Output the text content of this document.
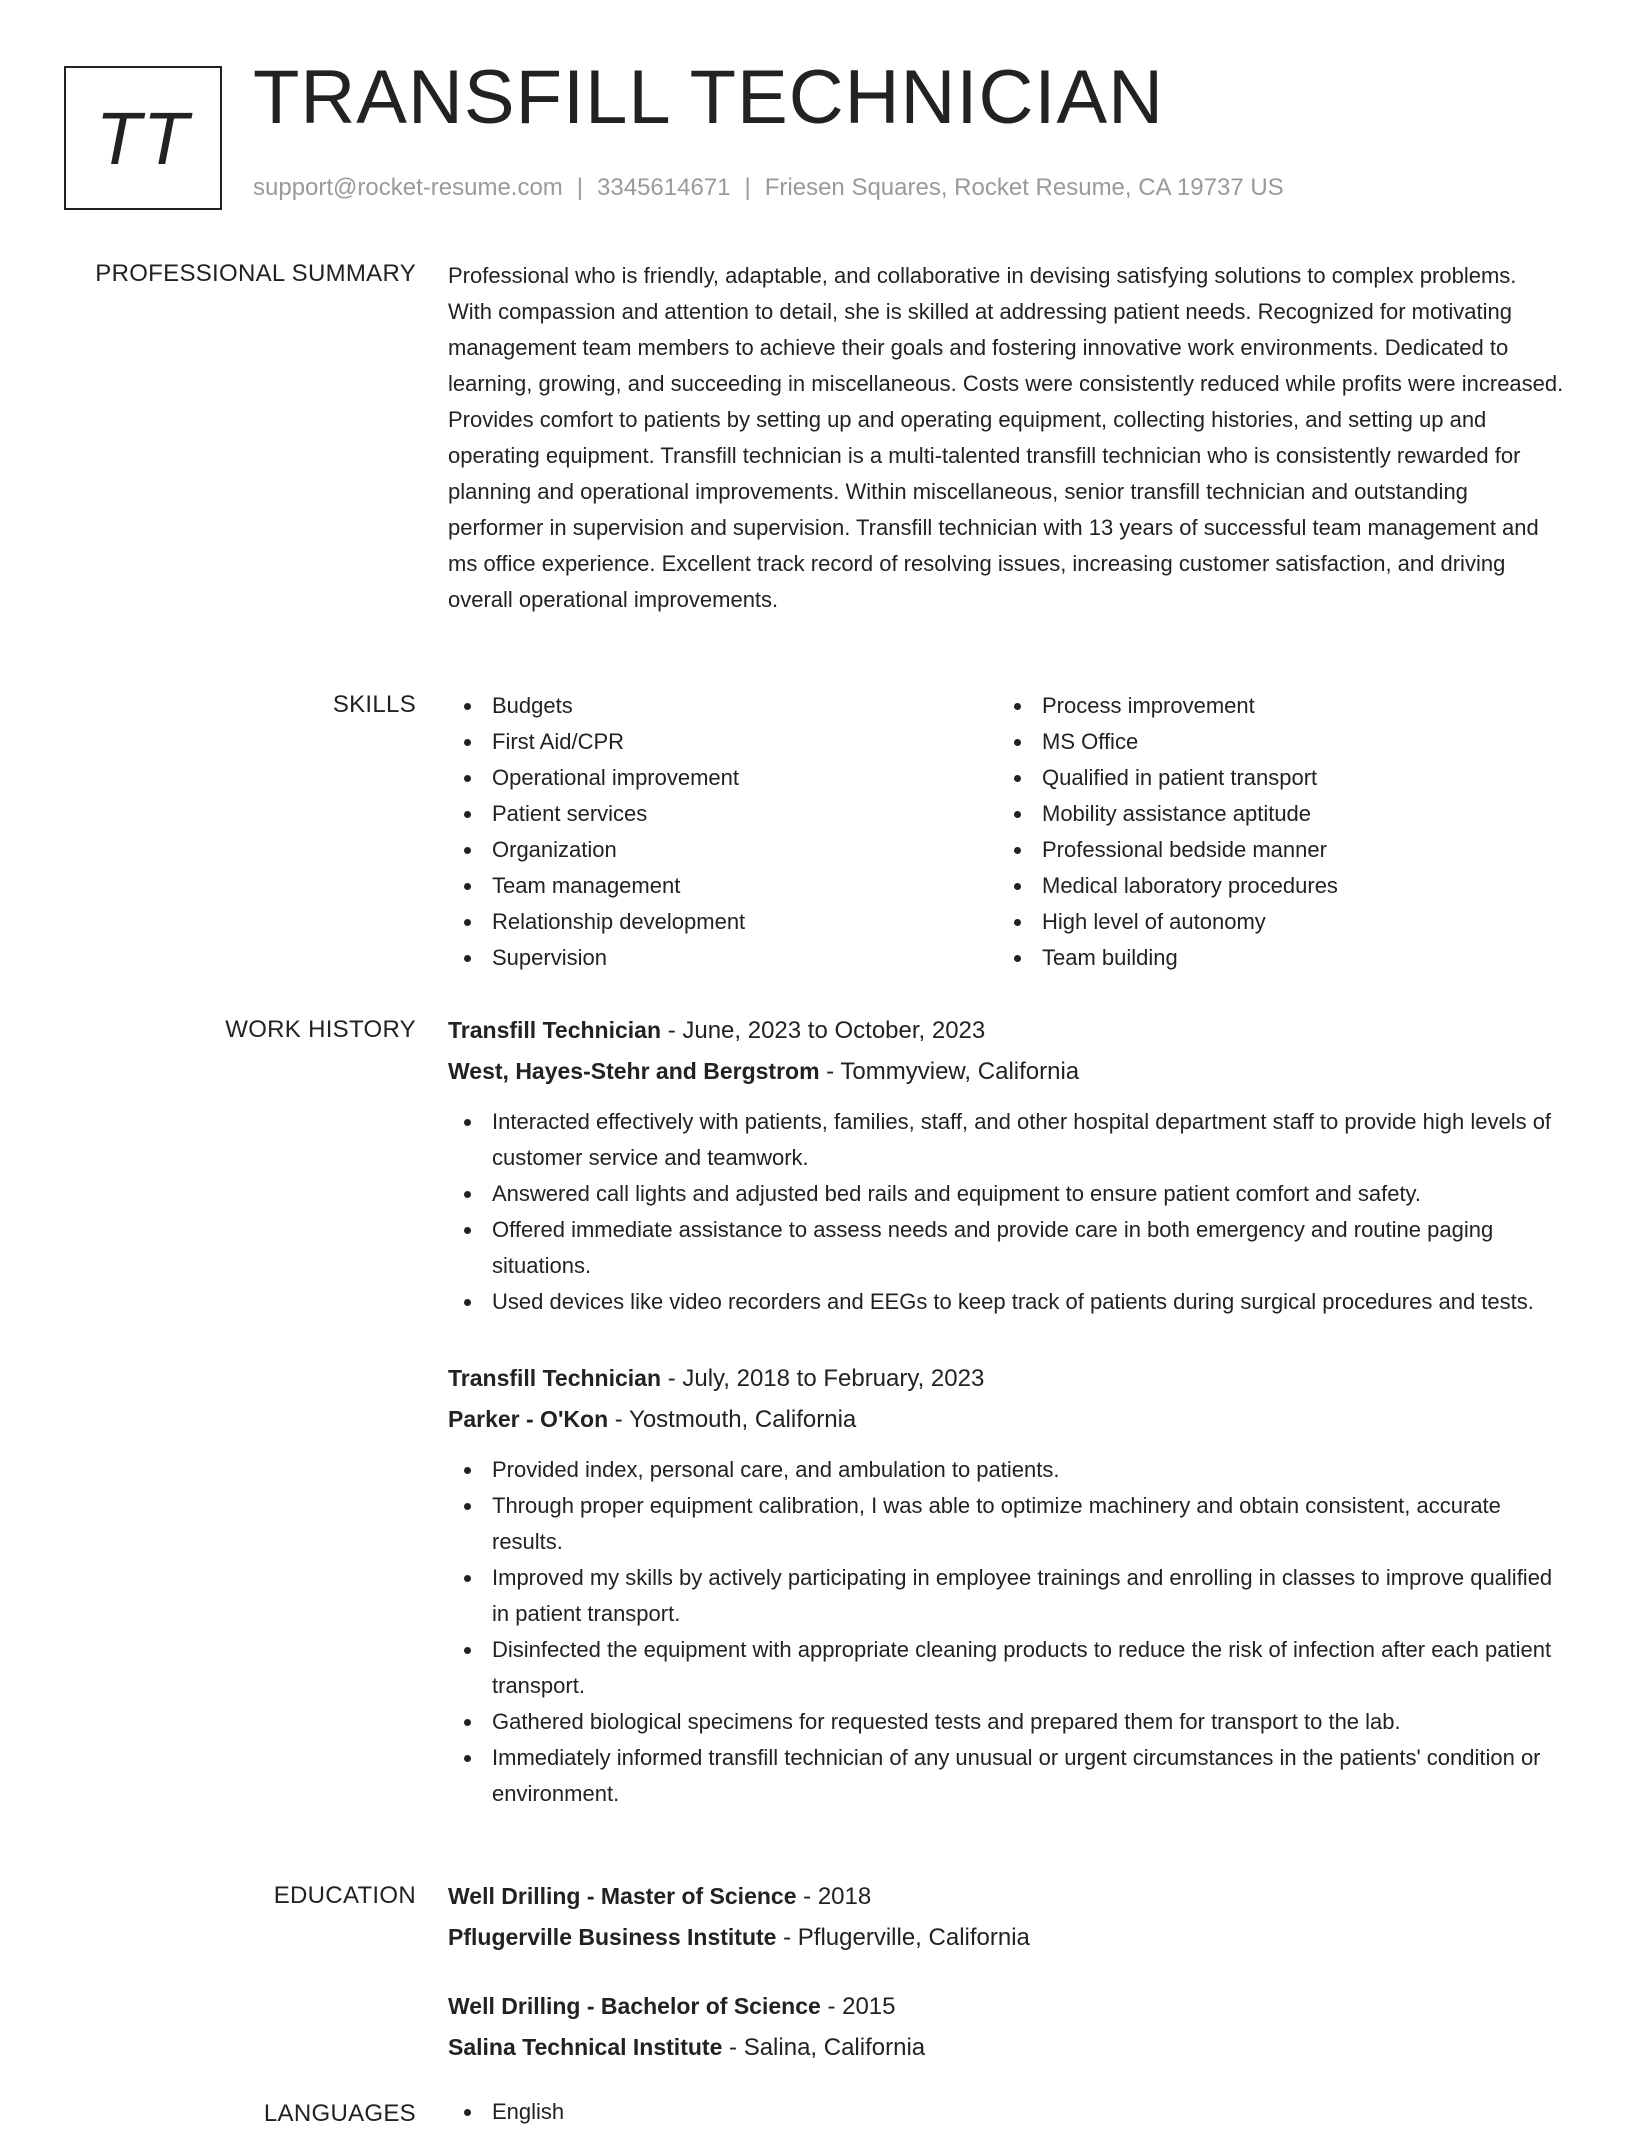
TT TRANSFILL TECHNICIAN
support@rocket-resume.com | 3345614671 | Friesen Squares, Rocket Resume, CA 19737 US
PROFESSIONAL SUMMARY Professional who is friendly, adaptable, and collaborative in devising satisfying solutions to complex problems. With compassion and attention to detail, she is skilled at addressing patient needs. Recognized for motivating management team members to achieve their goals and fostering innovative work environments. Dedicated to learning, growing, and succeeding in miscellaneous. Costs were consistently reduced while profits were increased. Provides comfort to patients by setting up and operating equipment, collecting histories, and setting up and operating equipment. Transfill technician is a multi-talented transfill technician who is consistently rewarded for planning and operational improvements. Within miscellaneous, senior transfill technician and outstanding performer in supervision and supervision. Transfill technician with 13 years of successful team management and ms office experience. Excellent track record of resolving issues, increasing customer satisfaction, and driving overall operational improvements.

SKILLS	Budgets
First Aid/CPR
Operational improvement
Patient services
Organization
Team management
Relationship development
Supervision
Process improvement
MS Office
Qualified in patient transport
Mobility assistance aptitude
Professional bedside manner
Medical laboratory procedures
High level of autonomy
Team building
WORK HISTORY Transfill Technician - June, 2023 to October, 2023
West, Hayes-Stehr and Bergstrom - Tommyview, California
Interacted effectively with patients, families, staff, and other hospital department staff to provide high levels of customer service and teamwork.
Answered call lights and adjusted bed rails and equipment to ensure patient comfort and safety.
Offered immediate assistance to assess needs and provide care in both emergency and routine paging situations.
Used devices like video recorders and EEGs to keep track of patients during surgical procedures and tests.
Transfill Technician - July, 2018 to February, 2023
Parker - O'Kon - Yostmouth, California
Provided index, personal care, and ambulation to patients.
Through proper equipment calibration, I was able to optimize machinery and obtain consistent, accurate results.
Improved my skills by actively participating in employee trainings and enrolling in classes to improve qualified in patient transport.
Disinfected the equipment with appropriate cleaning products to reduce the risk of infection after each patient transport.
Gathered biological specimens for requested tests and prepared them for transport to the lab.
Immediately informed transfill technician of any unusual or urgent circumstances in the patients' condition or environment.
EDUCATION Well Drilling - Master of Science - 2018
Pflugerville Business Institute - Pflugerville, California
Well Drilling - Bachelor of Science - 2015
Salina Technical Institute - Salina, California
LANGUAGES	English
